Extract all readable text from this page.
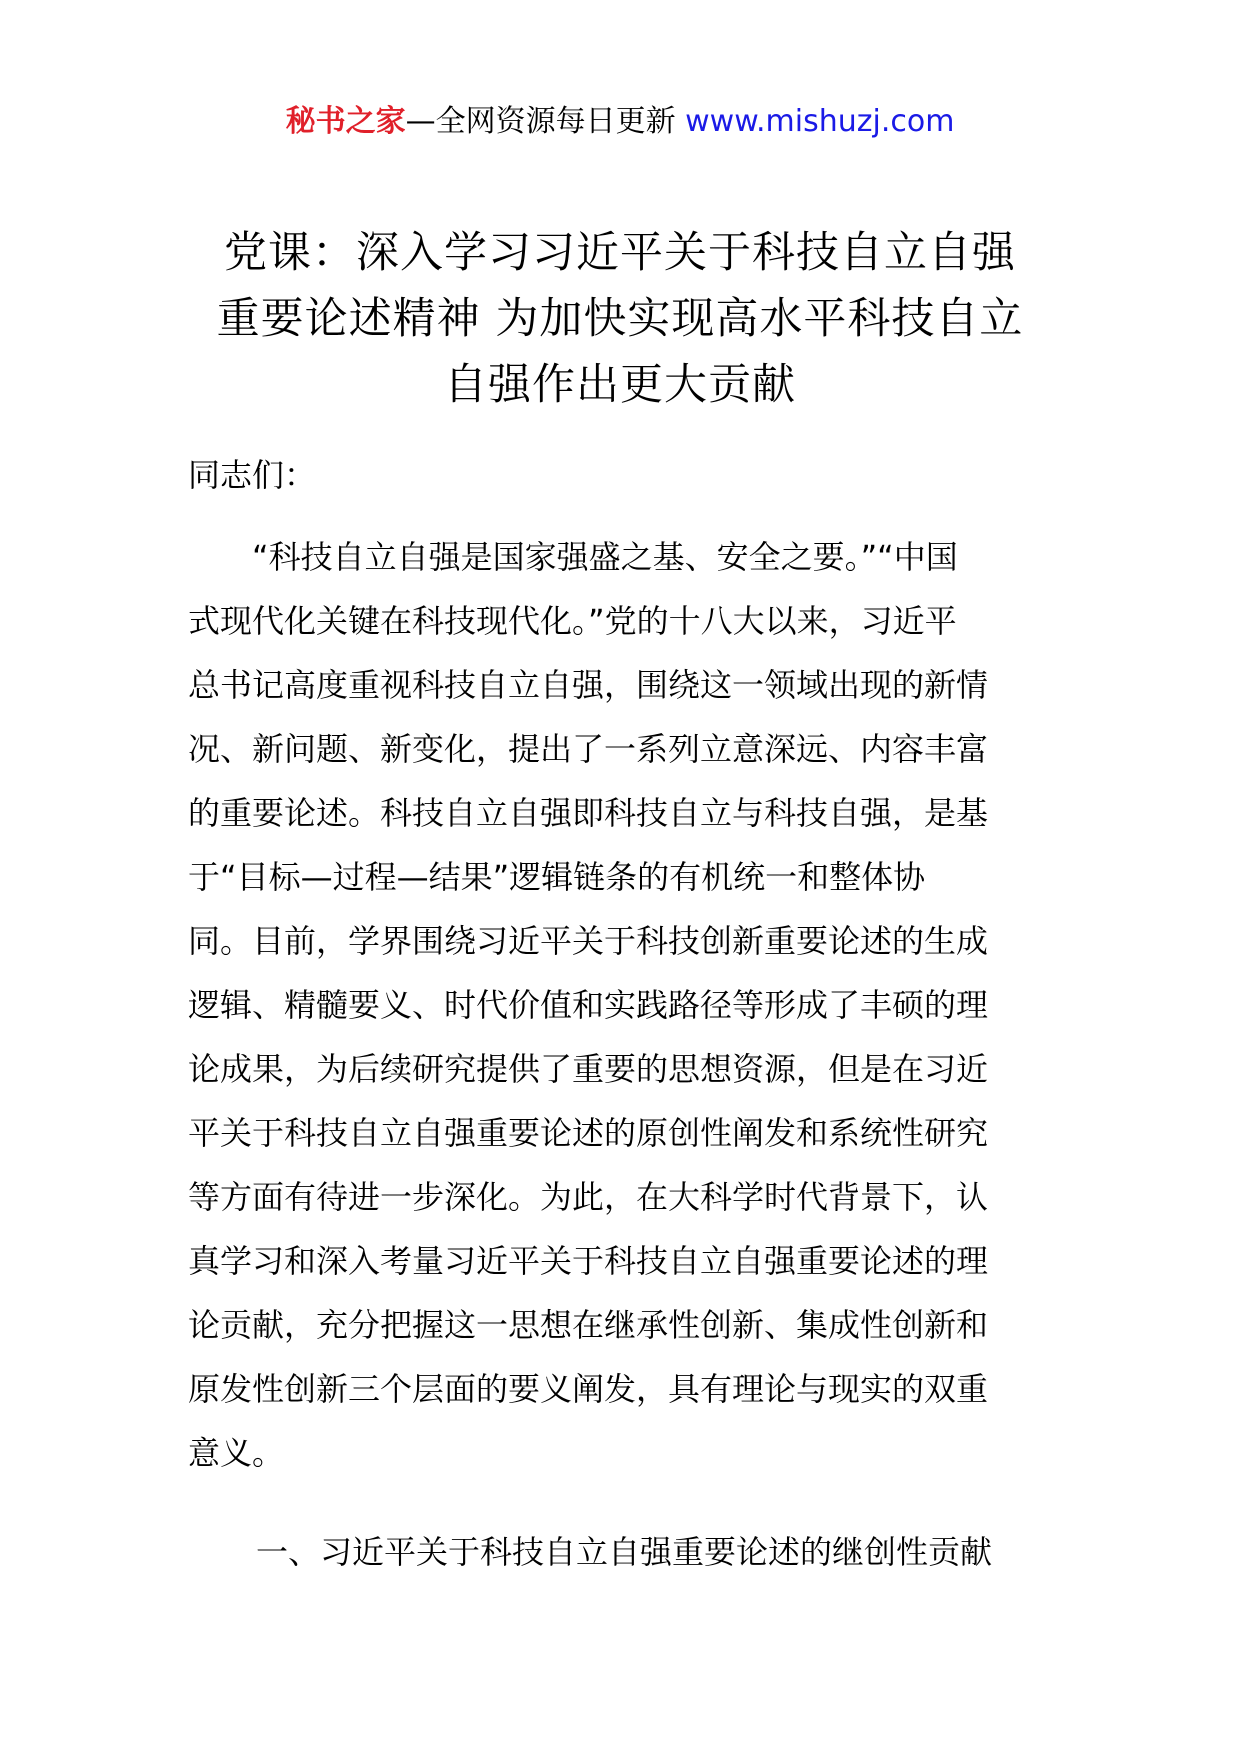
秘书之家—全网资源每日更新 www.mishuzj.com
党课：深入学习习近平关于科技自立自强
重要论述精神 为加快实现高水平科技自立
自强作出更大贡献
同志们：
“科技自立自强是国家强盛之基、安全之要。”“中国
式现代化关键在科技现代化。”党的十八大以来，习近平
总书记高度重视科技自立自强，围绕这一领域出现的新情
况、新问题、新变化，提出了一系列立意深远、内容丰富
的重要论述。科技自立自强即科技自立与科技自强，是基
于“目标—过程—结果”逻辑链条的有机统一和整体协
同。目前，学界围绕习近平关于科技创新重要论述的生成
逻辑、精髓要义、时代价值和实践路径等形成了丰硕的理
论成果，为后续研究提供了重要的思想资源，但是在习近
平关于科技自立自强重要论述的原创性阐发和系统性研究
等方面有待进一步深化。为此，在大科学时代背景下，认
真学习和深入考量习近平关于科技自立自强重要论述的理
论贡献，充分把握这一思想在继承性创新、集成性创新和
原发性创新三个层面的要义阐发，具有理论与现实的双重
意义。
一、习近平关于科技自立自强重要论述的继创性贡献
